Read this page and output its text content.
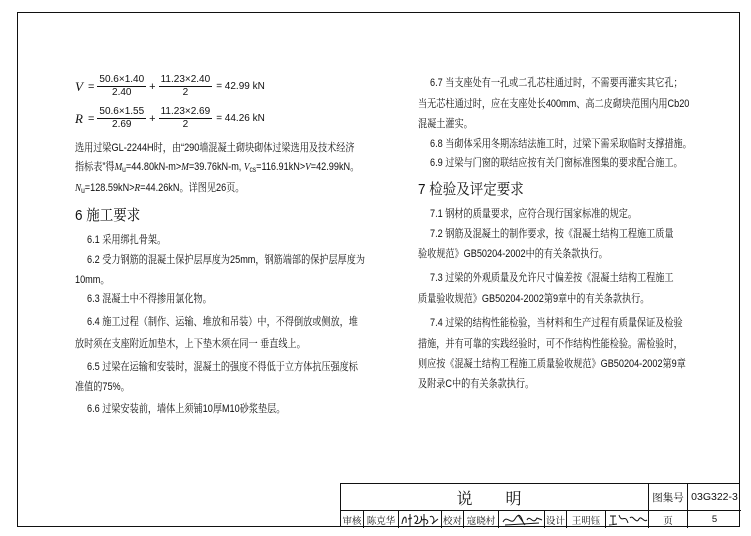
$V = \frac{50.6\times 1.40}{2.40} + \frac{11.23\times 2.40}{2} = 42.99$ kN
$R = \frac{50.6\times 1.55}{2.69} + \frac{11.23\times 2.69}{2} = 44.26$ kN
选用过梁GL-2244H时，由“290墙混凝土砌块砌体过梁选用及技术经济
指标表”得Mu=44.80kN-m>M=39.76kN-m, Vcs=116.91kN>V=42.99kN。
Nu=128.59kN>R=44.26kN。详图见26页。
6 施工要求
6.1 采用绑扎骨架。
6.2 受力钢筋的混凝土保护层厚度为25mm，钢筋端部的保护层厚度为
10mm。
6.3 混凝土中不得掺用氯化物。
6.4 施工过程（制作、运输、堆放和吊装）中，不得倒放或侧放，堆
放时须在支座附近加垫木，上下垫木须在同一 垂直线上。
6.5 过梁在运输和安装时，混凝土的强度不得低于立方体抗压强度标
准值的75%。
6.6 过梁安装前，墙体上须铺10厚M10砂浆垫层。
6.7 当支座处有一孔或二孔芯柱通过时，不需要再灌实其它孔；
当无芯柱通过时，应在支座处长400mm、高二皮砌块范围内用Cb20
混凝土灌实。
6.8 当砌体采用冬期冻结法施工时，过梁下需采取临时支撑措施。
6.9 过梁与门窗的联结应按有关门窗标准图集的要求配合施工。
7 检验及评定要求
7.1 钢材的质量要求，应符合现行国家标准的规定。
7.2 钢筋及混凝土的制作要求，按《混凝土结构工程施工质量
验收规范》GB50204-2002中的有关条款执行。
7.3 过梁的外观质量及允许尺寸偏差按《混凝土结构工程施工
质量验收规范》GB50204-2002第9章中的有关条款执行。
7.4 过梁的结构性能检验，当材料和生产过程有质量保证及检验
措施，并有可靠的实践经验时，可不作结构性能检验。需检验时，
则应按《混凝土结构工程施工质量验收规范》GB50204-2002第9章
及附录C中的有关条款执行。
说明	图集号 03G322-3
审核 陈克华	校对 寇晓村	设计 王明钰	页	5
